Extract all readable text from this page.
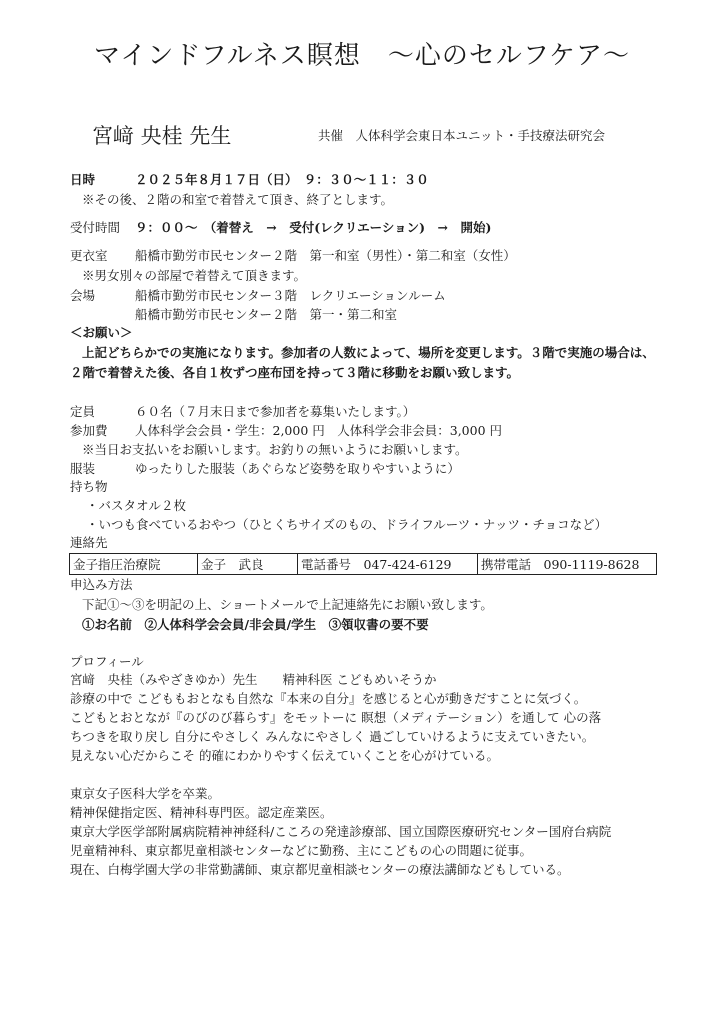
マインドフルネス瞑想　～心のセルフケア～
宮﨑 央桂 先生	共催　人体科学会東日本ユニット・手技療法研究会
日時	２０２５年８月１７日（日）　９：３０～１１：３０
※その後、２階の和室で着替えて頂き、終了とします。
受付時間 ９：００～　（着替え　→　受付(レクリエーション)　→　開始)
更衣室 船橋市勤労市民センター２階　第一和室（男性）・第二和室（女性）
※男女別々の部屋で着替えて頂きます。
会場	船橋市勤労市民センター３階　レクリエーションルーム
船橋市勤労市民センター２階　第一・第二和室
＜お願い＞
上記どちらかでの実施になります。参加者の人数によって、場所を変更します。３階で実施の場合は、２階で着替えた後、各自１枚ずつ座布団を持って３階に移動をお願い致します。
定員	６０名（７月末日まで参加者を募集いたします。）
参加費 人体科学会会員・学生：2,000 円　人体科学会非会員：3,000 円
※当日お支払いをお願いします。お釣りの無いようにお願いします。
服装	ゆったりした服装（あぐらなど姿勢を取りやすいように）
持ち物
・バスタオル２枚
・いつも食べているおやつ（ひとくちサイズのもの、ドライフルーツ・ナッツ・チョコなど）
連絡先
金子指圧治療院	金子　武良	電話番号　047-424-6129	携帯電話　090-1119-8628
申込み方法
下記①～③を明記の上、ショートメールで上記連絡先にお願い致します。
①お名前　②人体科学会会員/非会員/学生　③領収書の要不要
プロフィール
宮﨑　央桂（みやざきゆか）先生　　精神科医 こどもめいそうか
診療の中で こどももおとなも自然な『本来の自分』を感じると心が動きだすことに気づく。
こどもとおとなが『のびのび暮らす』をモットーに 瞑想（メディテーション）を通して 心の落
ちつきを取り戻し 自分にやさしく みんなにやさしく 過ごしていけるように支えていきたい。
見えない心だからこそ 的確にわかりやすく伝えていくことを心がけている。
東京女子医科大学を卒業。
精神保健指定医、精神科専門医。認定産業医。
東京大学医学部附属病院精神神経科/こころの発達診療部、国立国際医療研究センター国府台病院
児童精神科、東京都児童相談センターなどに勤務、主にこどもの心の問題に従事。
現在、白梅学園大学の非常勤講師、東京都児童相談センターの療法講師などもしている。
